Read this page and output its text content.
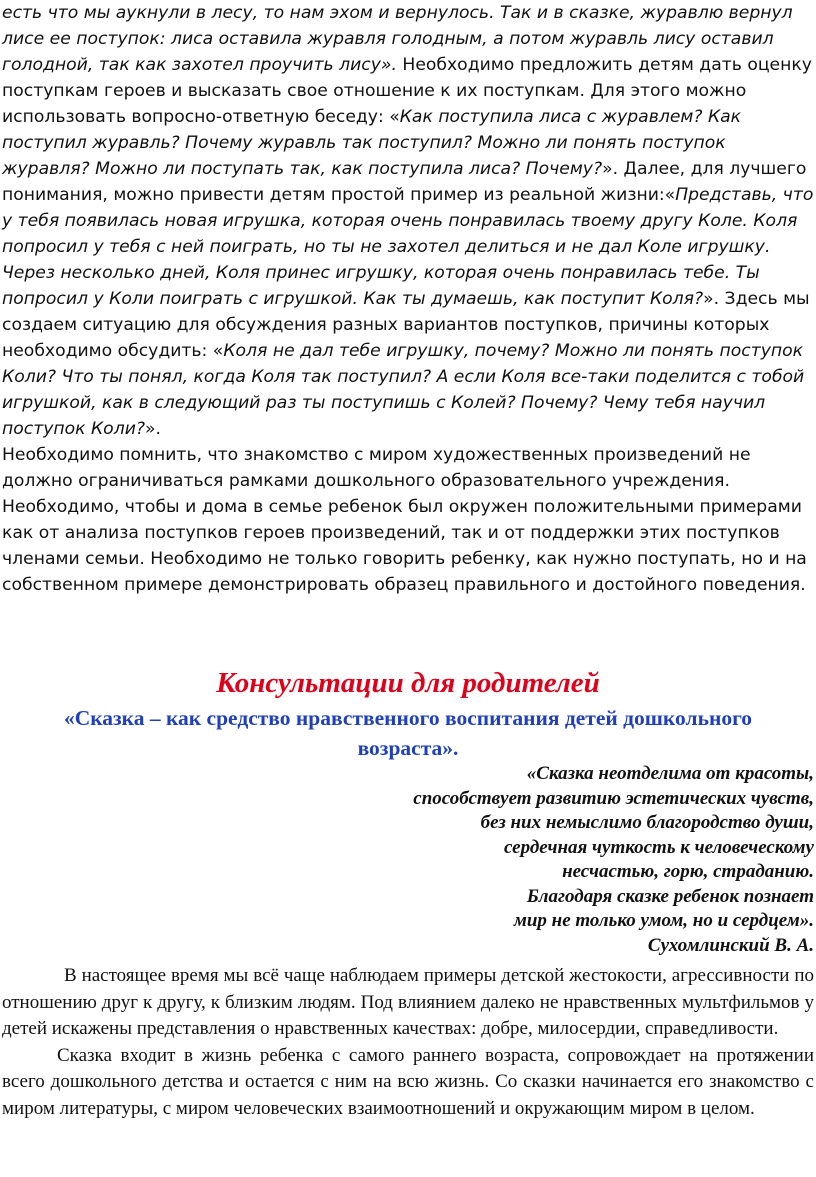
есть что мы аукнули в лесу, то нам эхом и вернулось. Так и в сказке, журавлю вернул лисе ее поступок: лиса оставила журавля голодным, а потом журавль лису оставил голодной, так как захотел проучить лису». Необходимо предложить детям дать оценку поступкам героев и высказать свое отношение к их поступкам. Для этого можно использовать вопросно-ответную беседу: «Как поступила лиса с журавлем? Как поступил журавль? Почему журавль так поступил? Можно ли понять поступок журавля? Можно ли поступать так, как поступила лиса? Почему?». Далее, для лучшего понимания, можно привести детям простой пример из реальной жизни:«Представь, что у тебя появилась новая игрушка, которая очень понравилась твоему другу Коле. Коля попросил у тебя с ней поиграть, но ты не захотел делиться и не дал Коле игрушку. Через несколько дней, Коля принес игрушку, которая очень понравилась тебе. Ты попросил у Коли поиграть с игрушкой. Как ты думаешь, как поступит Коля?». Здесь мы создаем ситуацию для обсуждения разных вариантов поступков, причины которых необходимо обсудить: «Коля не дал тебе игрушку, почему? Можно ли понять поступок Коли? Что ты понял, когда Коля так поступил? А если Коля все-таки поделится с тобой игрушкой, как в следующий раз ты поступишь с Колей? Почему? Чему тебя научил поступок Коли?».

Необходимо помнить, что знакомство с миром художественных произведений не должно ограничиваться рамками дошкольного образовательного учреждения. Необходимо, чтобы и дома в семье ребенок был окружен положительными примерами как от анализа поступков героев произведений, так и от поддержки этих поступков членами семьи. Необходимо не только говорить ребенку, как нужно поступать, но и на собственном примере демонстрировать образец правильного и достойного поведения.

Консультации для родителей
«Сказка – как средство нравственного воспитания детей дошкольного возраста».
«Сказка неотделима от красоты,
способствует развитию эстетических чувств,
без них немыслимо благородство души,
сердечная чуткость к человеческому
несчастью, горю, страданию.
Благодаря сказке ребенок познает
мир не только умом, но и сердцем».
Сухомлинский В. А.

В настоящее время мы всё чаще наблюдаем примеры детской жестокости, агрессивности по отношению друг к другу, к близким людям. Под влиянием далеко не нравственных мультфильмов у детей искажены представления о нравственных качествах: добре, милосердии, справедливости.

Сказка входит в жизнь ребенка с самого раннего возраста, сопровождает на протяжении всего дошкольного детства и остается с ним на всю жизнь. Со сказки начинается его знакомство с миром литературы, с миром человеческих взаимоотношений и окружающим миром в целом.
